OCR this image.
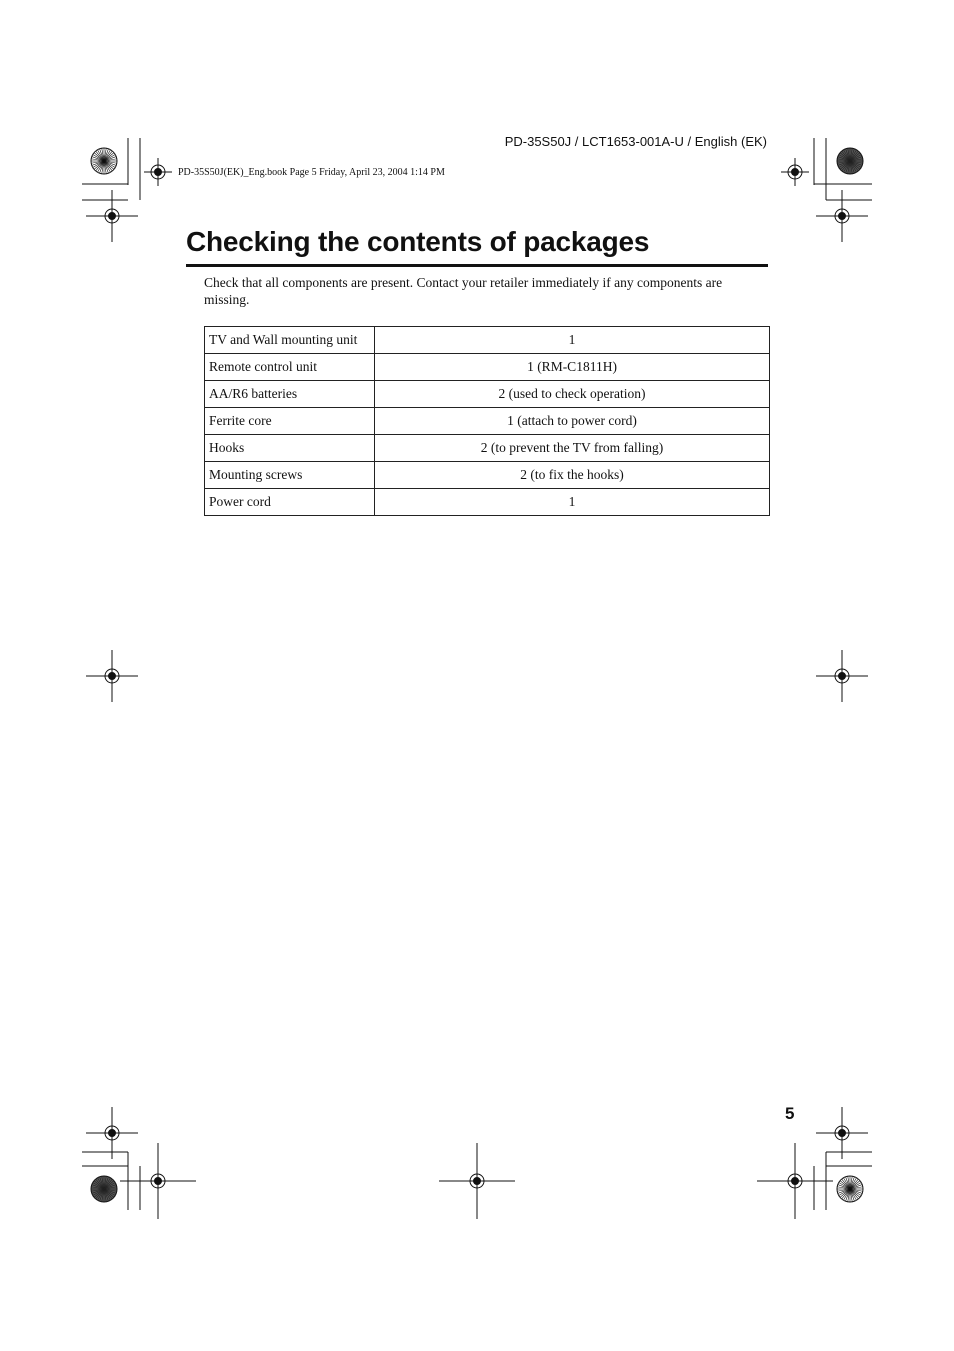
PD-35S50J / LCT1653-001A-U / English (EK)
PD-35S50J(EK)_Eng.book Page 5 Friday, April 23, 2004 1:14 PM
Checking the contents of packages

Check that all components are present. Contact your retailer immediately if any components are missing.

TV and Wall mounting unit	1
Remote control unit	1 (RM-C1811H)
AA/R6 batteries	2 (used to check operation)
Ferrite core	1 (attach to power cord)
Hooks	2 (to prevent the TV from falling)
Mounting screws	2 (to fix the hooks)
Power cord	1
5
